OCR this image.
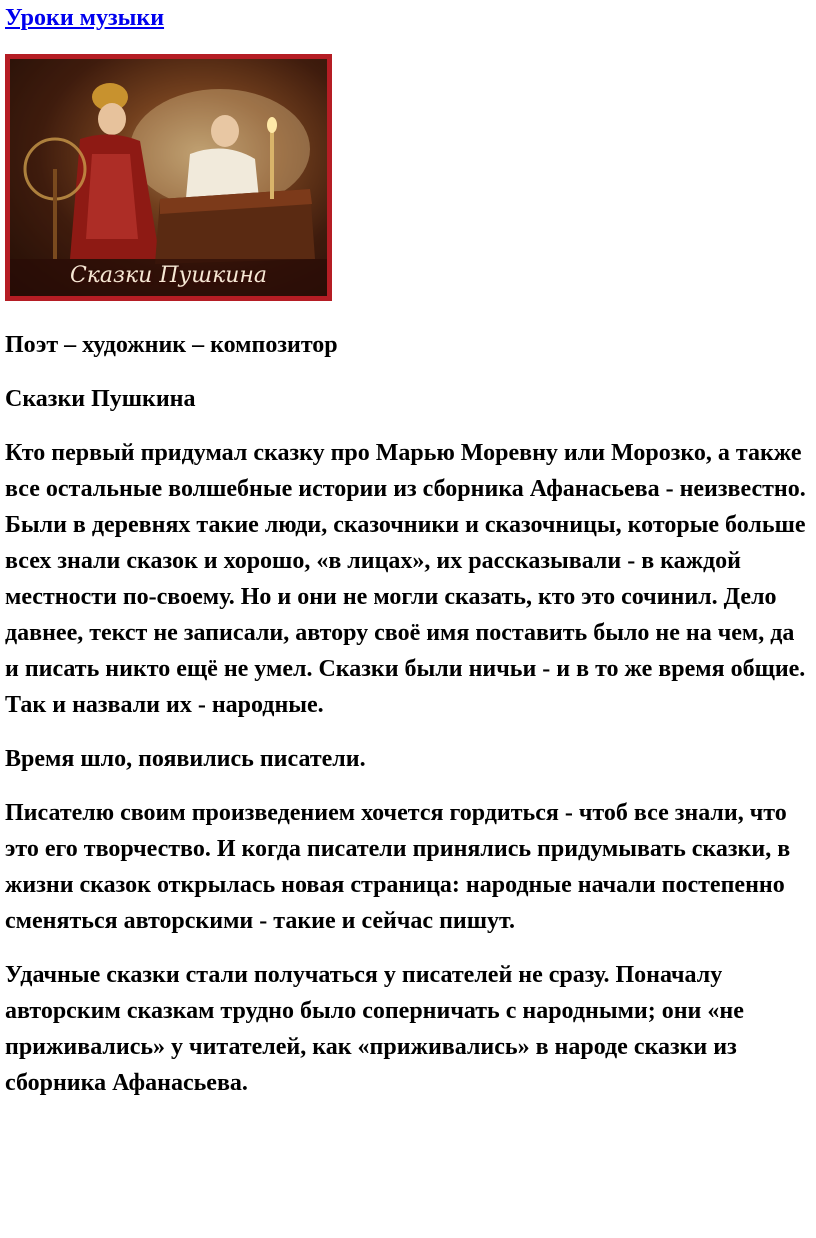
Уроки музыки
Сказки Пушкина

Поэт – художник – композитор

Сказки Пушкина

Кто первый придумал сказку про Марью Моревну или Морозко, а также все остальные волшебные истории из сборника Афанасьева - неизвестно. Были в деревнях такие люди, сказочники и сказочницы, которые больше всех знали сказок и хорошо, «в лицах», их рассказывали - в каждой местности по-своему. Но и они не могли сказать, кто это сочинил. Дело давнее, текст не записали, автору своё имя поставить было не на чем, да и писать никто ещё не умел. Сказки были ничьи - и в то же время общие. Так и назвали их - народные.

Время шло, появились писатели.

Писателю своим произведением хочется гордиться - чтоб все знали, что это его творчество. И когда писатели принялись придумывать сказки, в жизни сказок открылась новая страница: народные начали постепенно сменяться авторскими - такие и сейчас пишут.

Удачные сказки стали получаться у писателей не сразу. Поначалу авторским сказкам трудно было соперничать с народными; они «не приживались» у читателей, как «приживались» в народе сказки из сборника Афанасьева.
